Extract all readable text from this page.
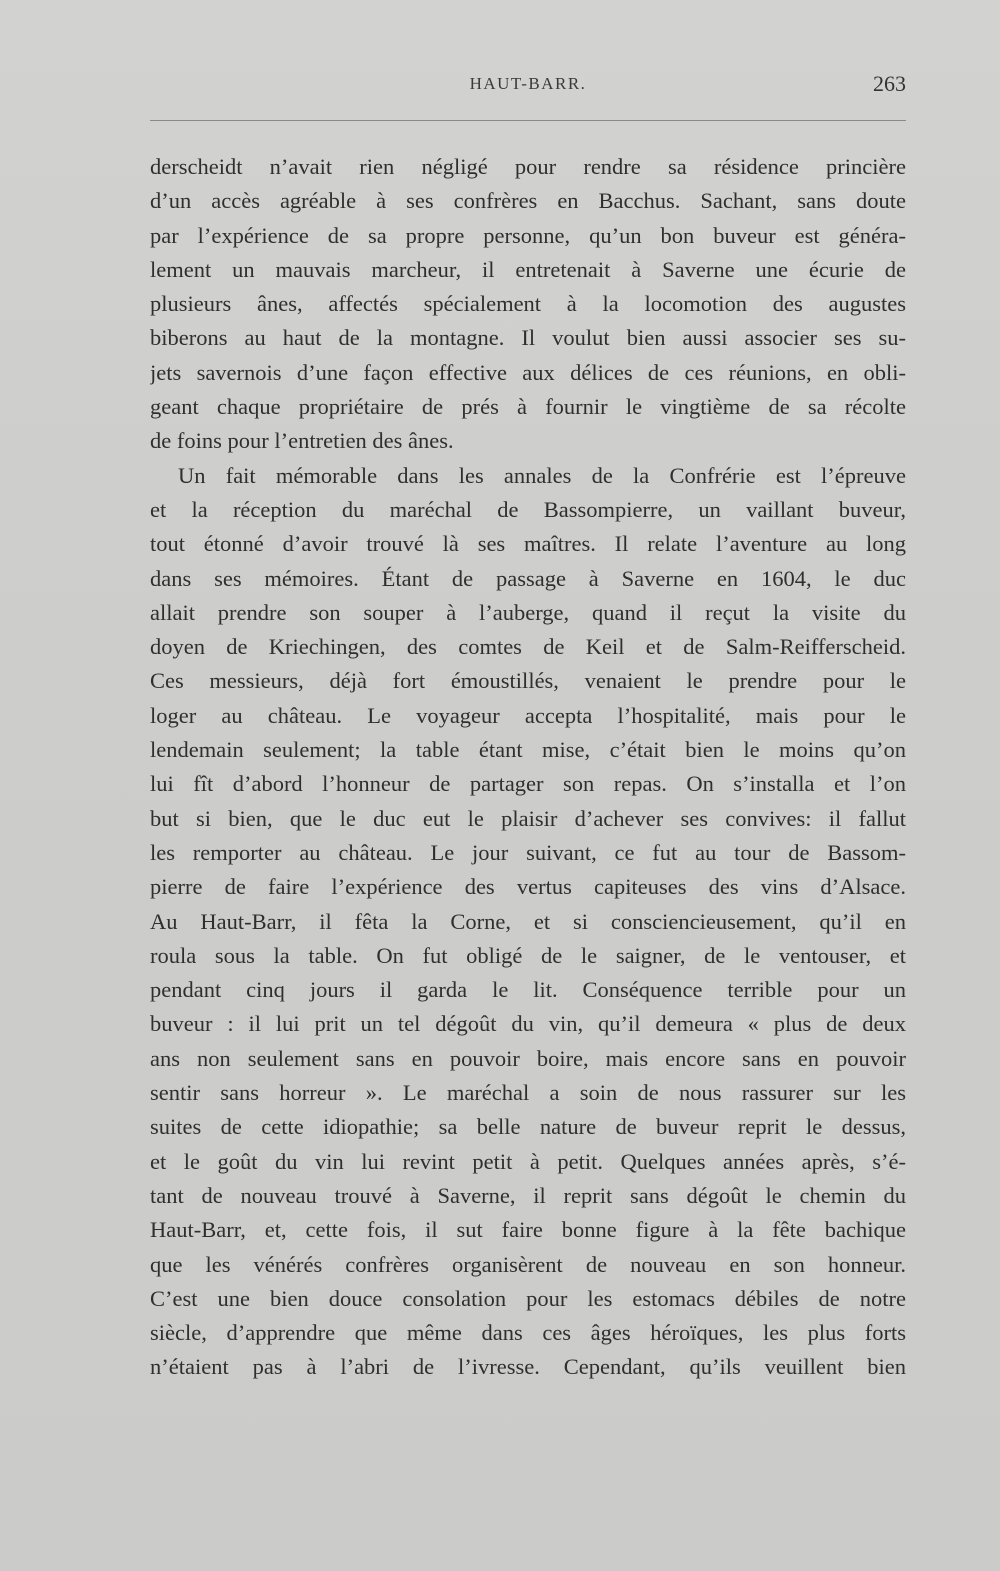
HAUT-BARR.	263
derscheidt n’avait rien négligé pour rendre sa résidence princière
d’un accès agréable à ses confrères en Bacchus. Sachant, sans doute
par l’expérience de sa propre personne, qu’un bon buveur est généra-
lement un mauvais marcheur, il entretenait à Saverne une écurie de
plusieurs ânes, affectés spécialement à la locomotion des augustes
biberons au haut de la montagne. Il voulut bien aussi associer ses su-
jets savernois d’une façon effective aux délices de ces réunions, en obli-
geant chaque propriétaire de prés à fournir le vingtième de sa récolte
de foins pour l’entretien des ânes.
Un fait mémorable dans les annales de la Confrérie est l’épreuve
et la réception du maréchal de Bassompierre, un vaillant buveur,
tout étonné d’avoir trouvé là ses maîtres. Il relate l’aventure au long
dans ses mémoires. Étant de passage à Saverne en 1604, le duc
allait prendre son souper à l’auberge, quand il reçut la visite du
doyen de Kriechingen, des comtes de Keil et de Salm-Reifferscheid.
Ces messieurs, déjà fort émoustillés, venaient le prendre pour le
loger au château. Le voyageur accepta l’hospitalité, mais pour le
lendemain seulement; la table étant mise, c’était bien le moins qu’on
lui fît d’abord l’honneur de partager son repas. On s’installa et l’on
but si bien, que le duc eut le plaisir d’achever ses convives: il fallut
les remporter au château. Le jour suivant, ce fut au tour de Bassom-
pierre de faire l’expérience des vertus capiteuses des vins d’Alsace.
Au Haut-Barr, il fêta la Corne, et si consciencieusement, qu’il en
roula sous la table. On fut obligé de le saigner, de le ventouser, et
pendant cinq jours il garda le lit. Conséquence terrible pour un
buveur : il lui prit un tel dégoût du vin, qu’il demeura « plus de deux
ans non seulement sans en pouvoir boire, mais encore sans en pouvoir
sentir sans horreur ». Le maréchal a soin de nous rassurer sur les
suites de cette idiopathie; sa belle nature de buveur reprit le dessus,
et le goût du vin lui revint petit à petit. Quelques années après, s’é-
tant de nouveau trouvé à Saverne, il reprit sans dégoût le chemin du
Haut-Barr, et, cette fois, il sut faire bonne figure à la fête bachique
que les vénérés confrères organisèrent de nouveau en son honneur.
C’est une bien douce consolation pour les estomacs débiles de notre
siècle, d’apprendre que même dans ces âges héroïques, les plus forts
n’étaient pas à l’abri de l’ivresse. Cependant, qu’ils veuillent bien
